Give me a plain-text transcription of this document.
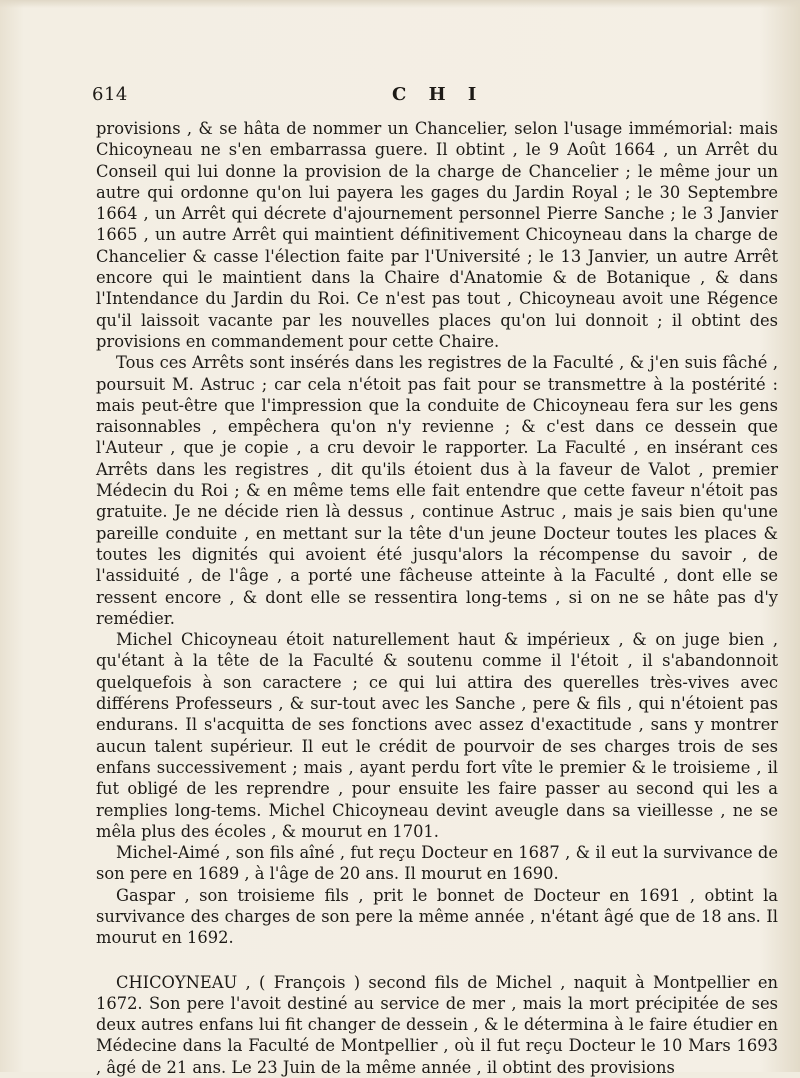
614	C H I

provisions , & se hâta de nommer un Chancelier, selon l'usage immémorial: mais Chicoyneau ne s'en embarrassa guere. Il obtint , le 9 Août 1664 , un Arrêt du Conseil qui lui donne la provision de la charge de Chancelier ; le même jour un autre qui ordonne qu'on lui payera les gages du Jardin Royal ; le 30 Septembre 1664 , un Arrêt qui décrete d'ajournement personnel Pierre Sanche ; le 3 Janvier 1665 , un autre Arrêt qui maintient définitivement Chicoyneau dans la charge de Chancelier & casse l'élection faite par l'Université ; le 13 Janvier, un autre Arrêt encore qui le maintient dans la Chaire d'Anatomie & de Botanique , & dans l'Intendance du Jardin du Roi. Ce n'est pas tout , Chicoyneau avoit une Régence qu'il laissoit vacante par les nouvelles places qu'on lui donnoit ; il obtint des provisions en commandement pour cette Chaire.

Tous ces Arrêts sont insérés dans les registres de la Faculté , & j'en suis fâché , poursuit M. Astruc ; car cela n'étoit pas fait pour se transmettre à la postérité : mais peut-être que l'impression que la conduite de Chicoyneau fera sur les gens raisonnables , empêchera qu'on n'y revienne ; & c'est dans ce dessein que l'Auteur , que je copie , a cru devoir le rapporter. La Faculté , en insérant ces Arrêts dans les registres , dit qu'ils étoient dus à la faveur de Valot , premier Médecin du Roi ; & en même tems elle fait entendre que cette faveur n'étoit pas gratuite. Je ne décide rien là dessus , continue Astruc , mais je sais bien qu'une pareille conduite , en mettant sur la tête d'un jeune Docteur toutes les places & toutes les dignités qui avoient été jusqu'alors la récompense du savoir , de l'assiduité , de l'âge , a porté une fâcheuse atteinte à la Faculté , dont elle se ressent encore , & dont elle se ressentira long-tems , si on ne se hâte pas d'y remédier.

Michel Chicoyneau étoit naturellement haut & impérieux , & on juge bien , qu'étant à la tête de la Faculté & soutenu comme il l'étoit , il s'abandonnoit quelquefois à son caractere ; ce qui lui attira des querelles très-vives avec différens Professeurs , & sur-tout avec les Sanche , pere & fils , qui n'étoient pas endurans. Il s'acquitta de ses fonctions avec assez d'exactitude , sans y montrer aucun talent supérieur. Il eut le crédit de pourvoir de ses charges trois de ses enfans successivement ; mais , ayant perdu fort vîte le premier & le troisieme , il fut obligé de les reprendre , pour ensuite les faire passer au second qui les a remplies long-tems. Michel Chicoyneau devint aveugle dans sa vieillesse , ne se mêla plus des écoles , & mourut en 1701.

Michel-Aimé , son fils aîné , fut reçu Docteur en 1687 , & il eut la survivance de son pere en 1689 , à l'âge de 20 ans. Il mourut en 1690.

Gaspar , son troisieme fils , prit le bonnet de Docteur en 1691 , obtint la survivance des charges de son pere la même année , n'étant âgé que de 18 ans. Il mourut en 1692.

CHICOYNEAU , ( François ) second fils de Michel , naquit à Montpellier en 1672. Son pere l'avoit destiné au service de mer , mais la mort précipitée de ses deux autres enfans lui fit changer de dessein , & le détermina à le faire étudier en Médecine dans la Faculté de Montpellier , où il fut reçu Docteur le 10 Mars 1693 , âgé de 21 ans. Le 23 Juin de la même année , il obtint des provisions
